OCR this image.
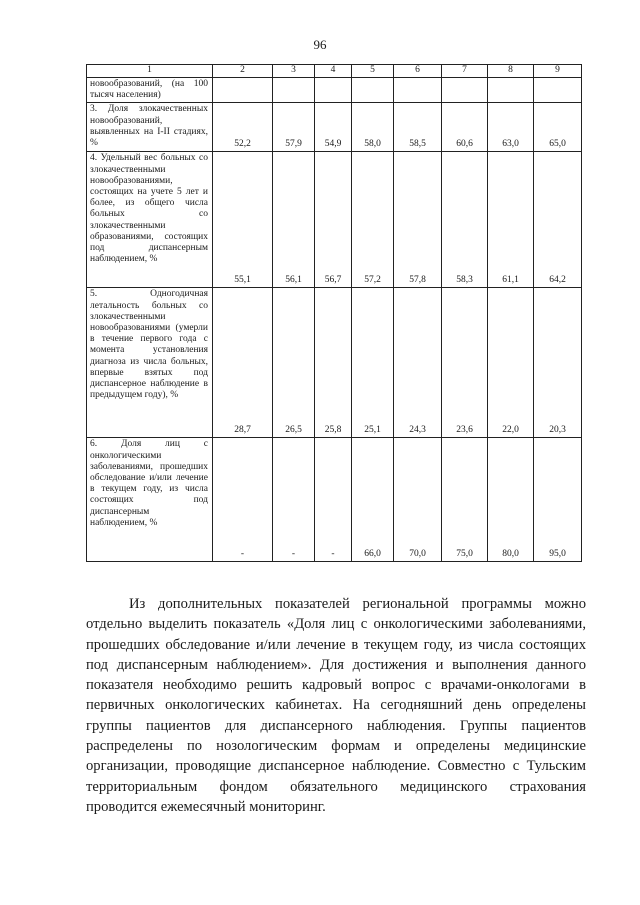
96
1	2	3	4	5	6	7	8	9
новообразований, (на 100 тысяч населения)								
3. Доля злокачественных новообразований, выявленных на I-II стадиях, %	52,2	57,9	54,9	58,0	58,5	60,6	63,0	65,0
4. Удельный вес больных со злокачественными новообразованиями, состоящих на учете 5 лет и более, из общего числа больных со злокачественными образованиями, состоящих под диспансерным наблюдением, %	55,1	56,1	56,7	57,2	57,8	58,3	61,1	64,2
5. Одногодичная летальность больных со злокачественными новообразованиями (умерли в течение первого года с момента установления диагноза из числа больных, впервые взятых под диспансерное наблюдение в предыдущем году), %	28,7	26,5	25,8	25,1	24,3	23,6	22,0	20,3
6. Доля лиц с онкологическими заболеваниями, прошедших обследование и/или лечение в текущем году, из числа состоящих под диспансерным наблюдением, %	-	-	-	66,0	70,0	75,0	80,0	95,0

Из дополнительных показателей региональной программы можно отдельно выделить показатель «Доля лиц с онкологическими заболеваниями, прошедших обследование и/или лечение в текущем году, из числа состоящих под диспансерным наблюдением». Для достижения и выполнения данного показателя необходимо решить кадровый вопрос с врачами-онкологами в первичных онкологических кабинетах. На сегодняшний день определены группы пациентов для диспансерного наблюдения. Группы пациентов распределены по нозологическим формам и определены медицинские организации, проводящие диспансерное наблюдение. Совместно с Тульским территориальным фондом обязательного медицинского страхования проводится ежемесячный мониторинг.
